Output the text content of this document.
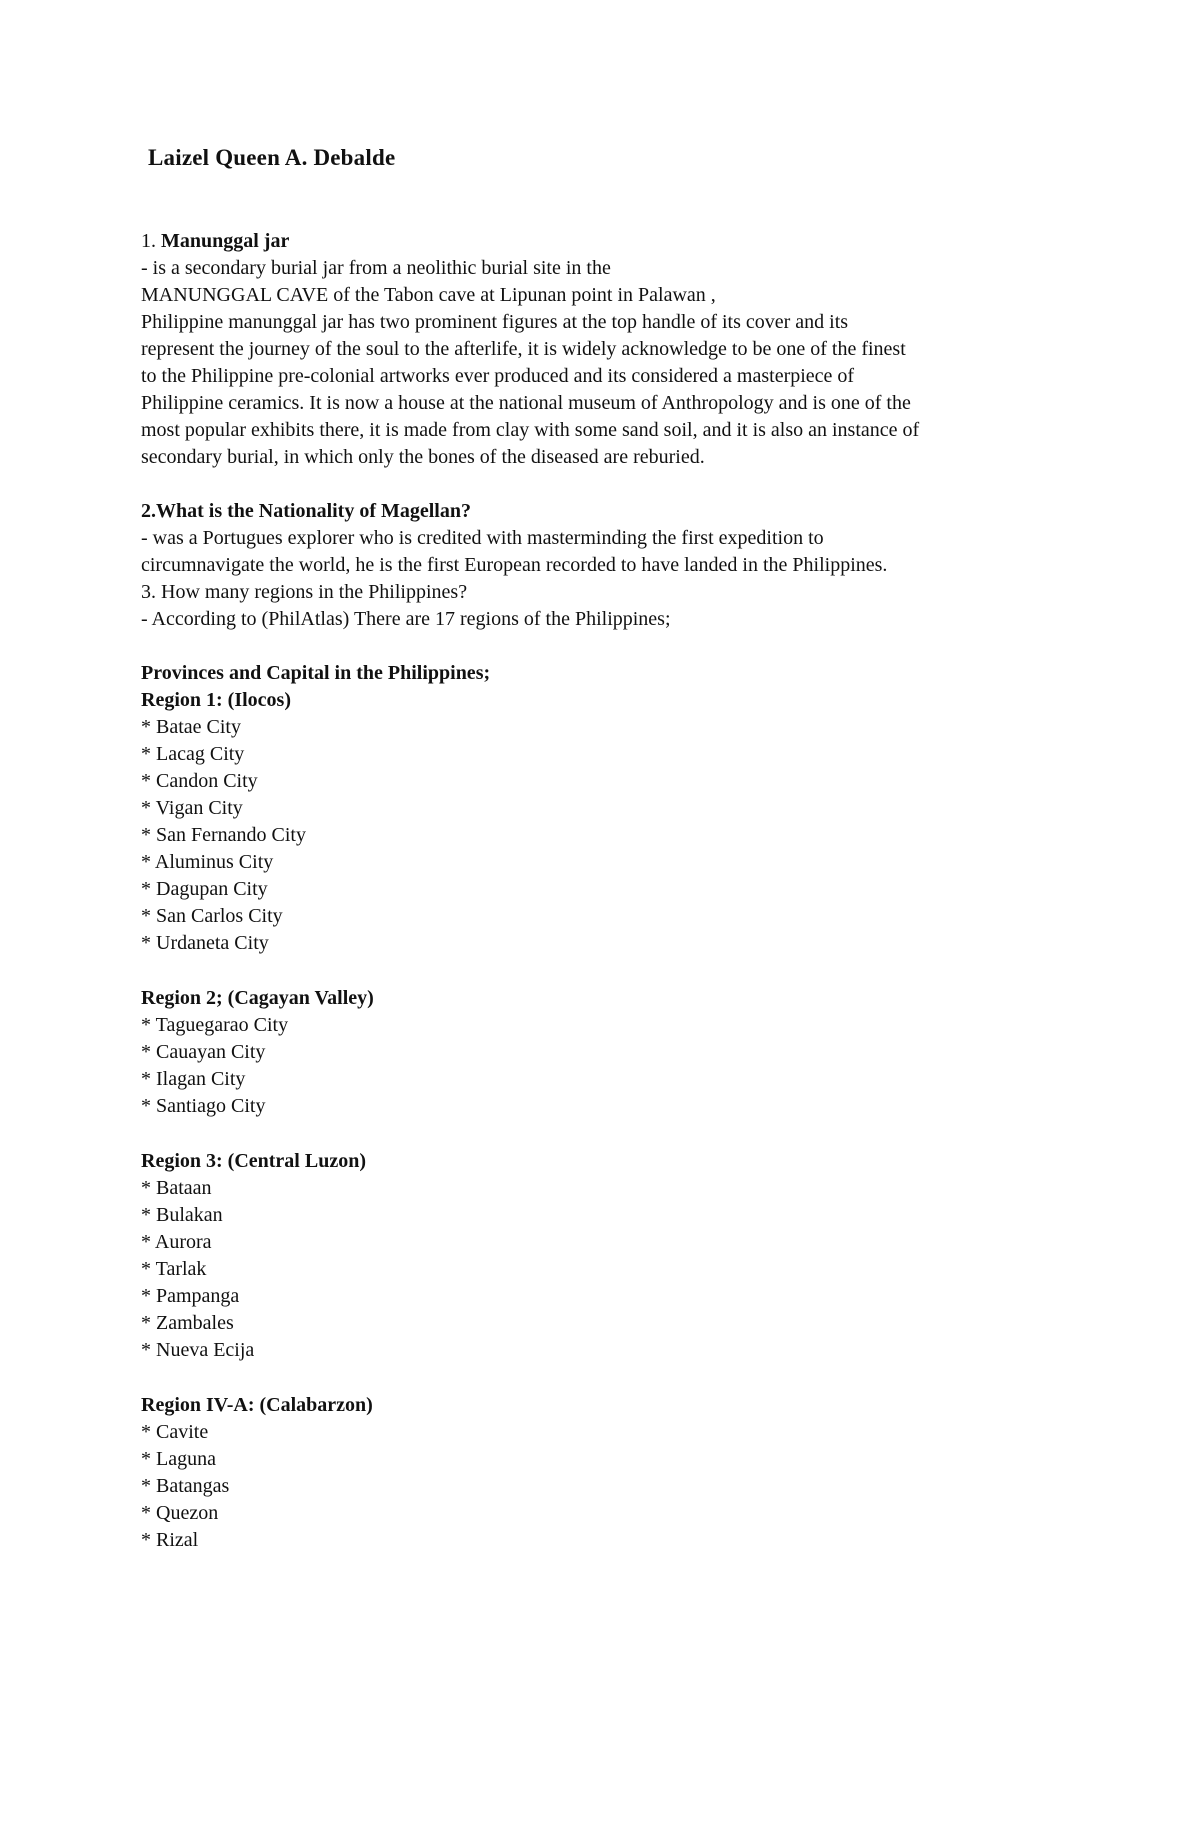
Laizel Queen A. Debalde
1. Manunggal jar
- is a secondary burial jar from a neolithic burial site in the
MANUNGGAL CAVE of the Tabon cave at Lipunan point in Palawan ,
Philippine manunggal jar has two prominent figures at the top handle of its cover and its
represent the journey of the soul to the afterlife, it is widely acknowledge to be one of the finest
to the Philippine pre-colonial artworks ever produced and its considered a masterpiece of
Philippine ceramics. It is now a house at the national museum of Anthropology and is one of the
most popular exhibits there, it is made from clay with some sand soil, and it is also an instance of
secondary burial, in which only the bones of the diseased are reburied.
2.What is the Nationality of Magellan?
- was a Portugues explorer who is credited with masterminding the first expedition to
circumnavigate the world, he is the first European recorded to have landed in the Philippines.
3. How many regions in the Philippines?
- According to (PhilAtlas) There are 17 regions of the Philippines;
Provinces and Capital in the Philippines;
Region 1: (Ilocos)
* Batae City
* Lacag City
* Candon City
* Vigan City
* San Fernando City
* Aluminus City
* Dagupan City
* San Carlos City
* Urdaneta City
Region 2; (Cagayan Valley)
* Taguegarao City
* Cauayan City
* Ilagan City
* Santiago City
Region 3: (Central Luzon)
* Bataan
* Bulakan
* Aurora
* Tarlak
* Pampanga
* Zambales
* Nueva Ecija
Region IV-A: (Calabarzon)
* Cavite
* Laguna
* Batangas
* Quezon
* Rizal
